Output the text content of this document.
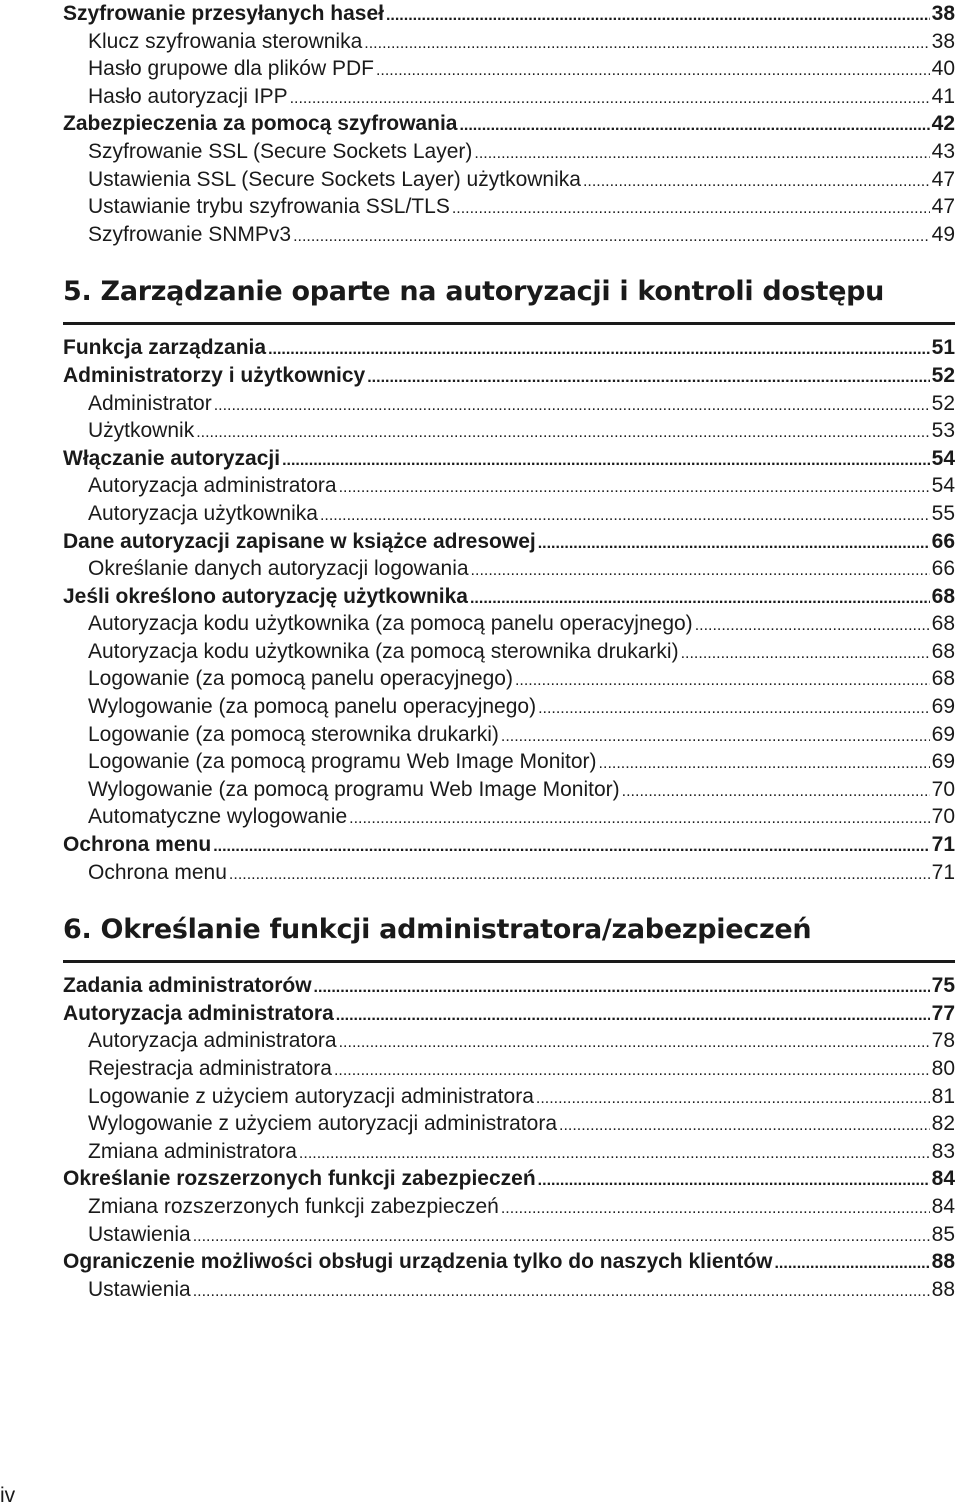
Szyfrowanie przesyłanych haseł .....	38
Klucz szyfrowania sterownika .....	38
Hasło grupowe dla plików PDF .....	40
Hasło autoryzacji IPP .....	41
Zabezpieczenia za pomocą szyfrowania .....	42
Szyfrowanie SSL (Secure Sockets Layer) .....	43
Ustawienia SSL (Secure Sockets Layer) użytkownika .....	47
Ustawianie trybu szyfrowania SSL/TLS .....	47
Szyfrowanie SNMPv3 .....	49
5. Zarządzanie oparte na autoryzacji i kontroli dostępu
Funkcja zarządzania .....	51
Administratorzy i użytkownicy .....	52
Administrator .....	52
Użytkownik .....	53
Włączanie autoryzacji .....	54
Autoryzacja administratora .....	54
Autoryzacja użytkownika .....	55
Dane autoryzacji zapisane w książce adresowej .....	66
Określanie danych autoryzacji logowania .....	66
Jeśli określono autoryzację użytkownika .....	68
Autoryzacja kodu użytkownika (za pomocą panelu operacyjnego) .....	68
Autoryzacja kodu użytkownika (za pomocą sterownika drukarki) .....	68
Logowanie (za pomocą panelu operacyjnego) .....	68
Wylogowanie (za pomocą panelu operacyjnego) .....	69
Logowanie (za pomocą sterownika drukarki) .....	69
Logowanie (za pomocą programu Web Image Monitor) .....	69
Wylogowanie (za pomocą programu Web Image Monitor) .....	70
Automatyczne wylogowanie .....	70
Ochrona menu .....	71
Ochrona menu .....	71
6. Określanie funkcji administratora/zabezpieczeń
Zadania administratorów .....	75
Autoryzacja administratora .....	77
Autoryzacja administratora .....	78
Rejestracja administratora .....	80
Logowanie z użyciem autoryzacji administratora .....	81
Wylogowanie z użyciem autoryzacji administratora .....	82
Zmiana administratora .....	83
Określanie rozszerzonych funkcji zabezpieczeń .....	84
Zmiana rozszerzonych funkcji zabezpieczeń .....	84
Ustawienia .....	85
Ograniczenie możliwości obsługi urządzenia tylko do naszych klientów .....	88
Ustawienia .....	88
iv
